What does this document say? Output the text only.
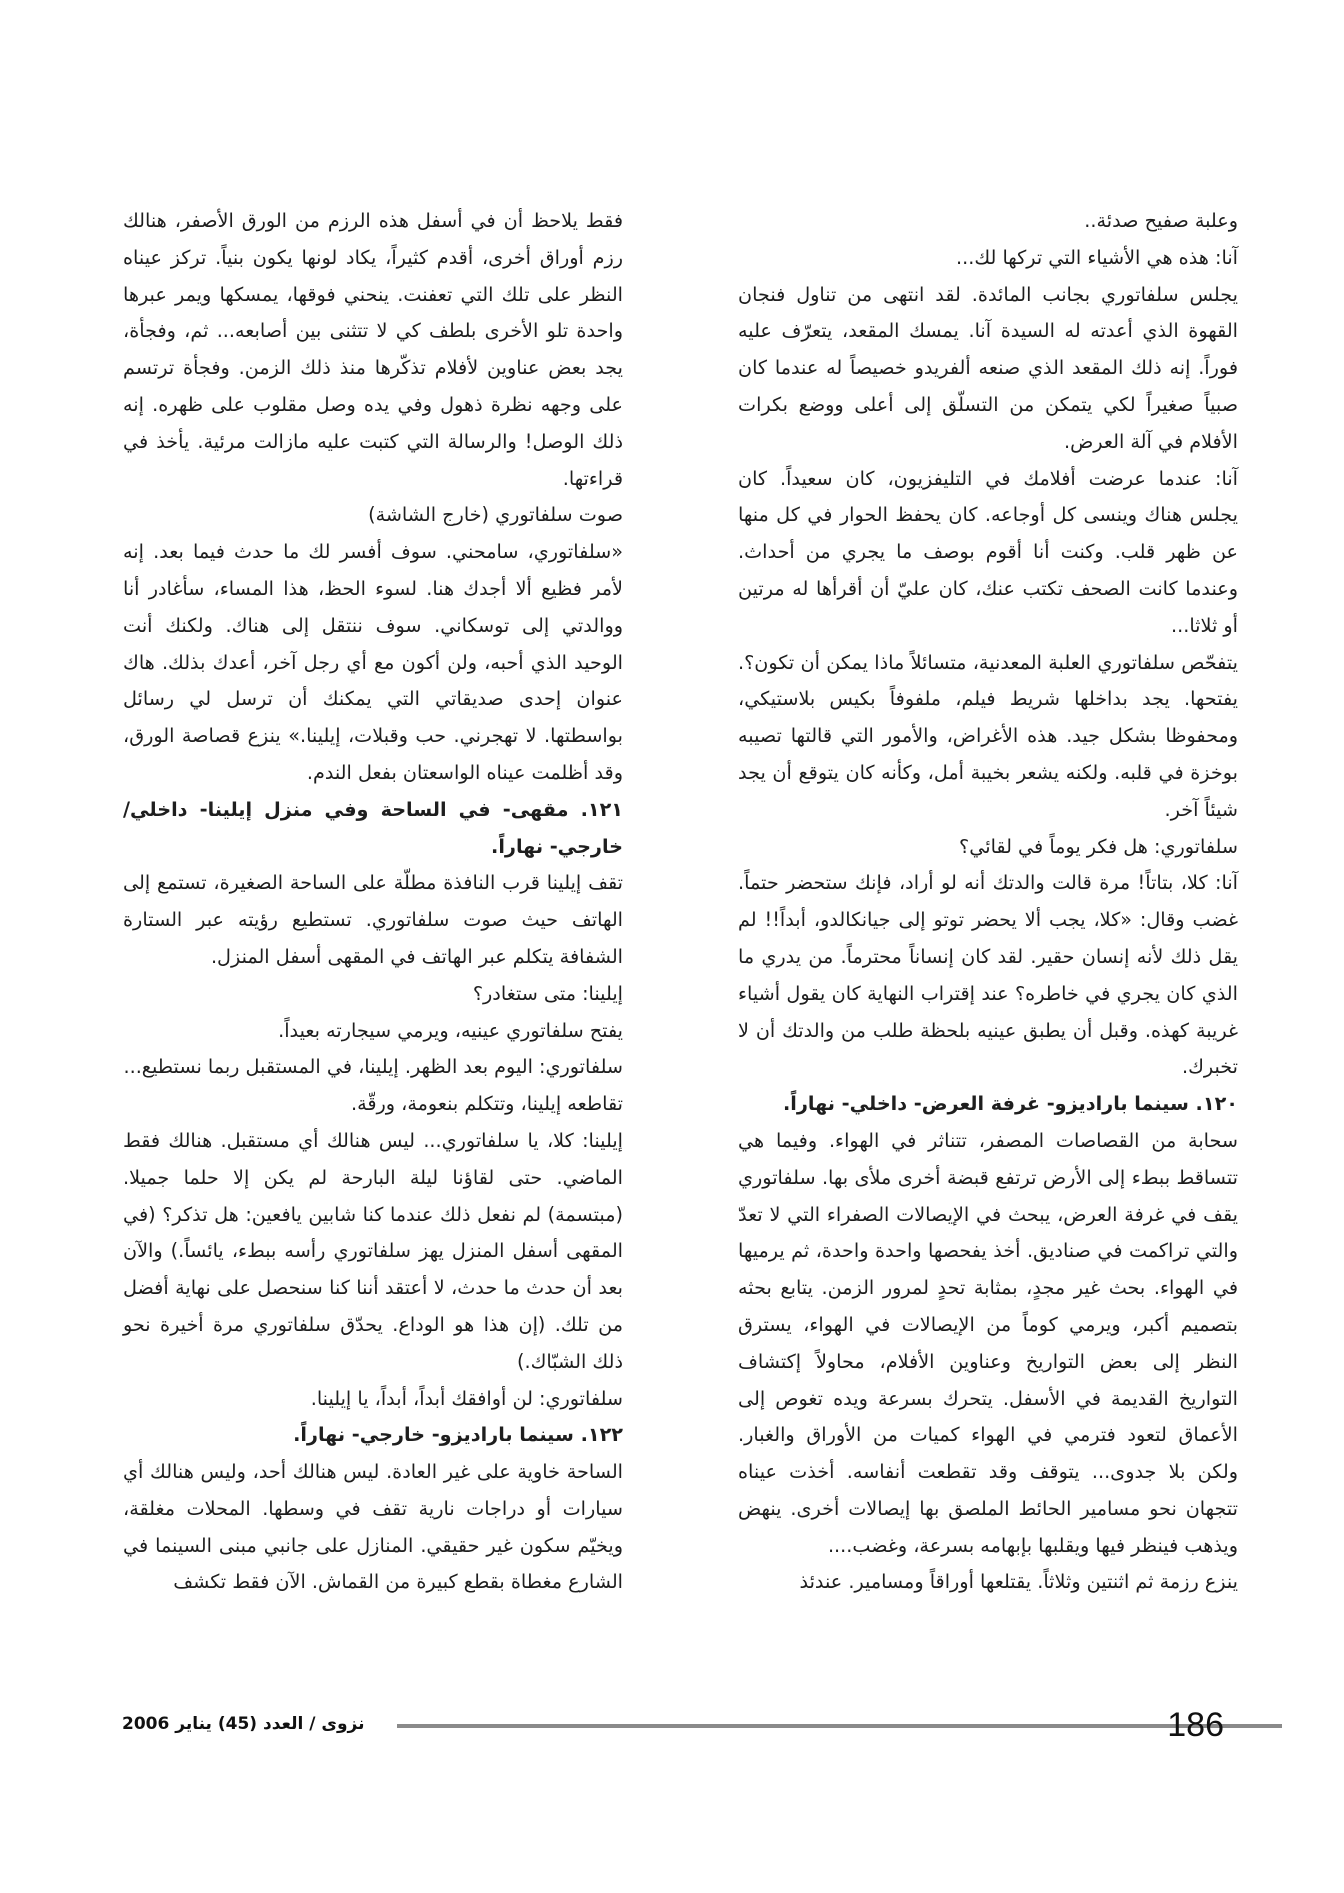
وعلبة صفيح صدئة..

آنا: هذه هي الأشياء التي تركها لك...

يجلس سلفاتوري بجانب المائدة. لقد انتهى من تناول فنجان القهوة الذي أعدته له السيدة آنا. يمسك المقعد، يتعرّف عليه فوراً. إنه ذلك المقعد الذي صنعه ألفريدو خصيصاً له عندما كان صبياً صغيراً لكي يتمكن من التسلّق إلى أعلى ووضع بكرات الأفلام في آلة العرض.

آنا: عندما عرضت أفلامك في التليفزيون، كان سعيداً. كان يجلس هناك وينسى كل أوجاعه. كان يحفظ الحوار في كل منها عن ظهر قلب. وكنت أنا أقوم بوصف ما يجري من أحداث. وعندما كانت الصحف تكتب عنك، كان عليّ أن أقرأها له مرتين أو ثلاثا...

يتفحّص سلفاتوري العلبة المعدنية، متسائلاً ماذا يمكن أن تكون؟. يفتحها. يجد بداخلها شريط فيلم، ملفوفاً بكيس بلاستيكي، ومحفوظا بشكل جيد. هذه الأغراض، والأمور التي قالتها تصيبه بوخزة في قلبه. ولكنه يشعر بخيبة أمل، وكأنه كان يتوقع أن يجد شيئاً آخر.

سلفاتوري: هل فكر يوماً في لقائي؟

آنا: كلا، بتاتاً! مرة قالت والدتك أنه لو أراد، فإنك ستحضر حتماً. غضب وقال: «كلا، يجب ألا يحضر توتو إلى جيانكالدو، أبداً!! لم يقل ذلك لأنه إنسان حقير. لقد كان إنساناً محترماً. من يدري ما الذي كان يجري في خاطره؟ عند إقتراب النهاية كان يقول أشياء غريبة كهذه. وقبل أن يطبق عينيه بلحظة طلب من والدتك أن لا تخبرك.

١٢٠. سينما باراديزو- غرفة العرض- داخلي- نهاراً.

سحابة من القصاصات المصفر، تتناثر في الهواء. وفيما هي تتساقط ببطء إلى الأرض ترتفع قبضة أخرى ملأى بها. سلفاتوري يقف في غرفة العرض، يبحث في الإيصالات الصفراء التي لا تعدّ والتي تراكمت في صناديق. أخذ يفحصها واحدة واحدة، ثم يرميها في الهواء. بحث غير مجدٍ، بمثابة تحدٍ لمرور الزمن. يتابع بحثه بتصميم أكبر، ويرمي كوماً من الإيصالات في الهواء، يسترق النظر إلى بعض التواريخ وعناوين الأفلام، محاولاً إكتشاف التواريخ القديمة في الأسفل. يتحرك بسرعة ويده تغوص إلى الأعماق لتعود فترمي في الهواء كميات من الأوراق والغبار. ولكن بلا جدوى... يتوقف وقد تقطعت أنفاسه. أخذت عيناه تتجهان نحو مسامير الحائط الملصق بها إيصالات أخرى. ينهض ويذهب فينظر فيها ويقلبها بإبهامه بسرعة، وغضب....

ينزع رزمة ثم اثنتين وثلاثاً. يقتلعها أوراقاً ومسامير. عندئذ

فقط يلاحظ أن في أسفل هذه الرزم من الورق الأصفر، هنالك رزم أوراق أخرى، أقدم كثيراً، يكاد لونها يكون بنياً. تركز عيناه النظر على تلك التي تعفنت. ينحني فوقها، يمسكها ويمر عبرها واحدة تلو الأخرى بلطف كي لا تتثنى بين أصابعه... ثم، وفجأة، يجد بعض عناوين لأفلام تذكّرها منذ ذلك الزمن. وفجأة ترتسم على وجهه نظرة ذهول وفي يده وصل مقلوب على ظهره. إنه ذلك الوصل! والرسالة التي كتبت عليه مازالت مرئية. يأخذ في قراءتها.

صوت سلفاتوري (خارج الشاشة)

«سلفاتوري، سامحني. سوف أفسر لك ما حدث فيما بعد. إنه لأمر فظيع ألا أجدك هنا. لسوء الحظ، هذا المساء، سأغادر أنا ووالدتي إلى توسكاني. سوف ننتقل إلى هناك. ولكنك أنت الوحيد الذي أحبه، ولن أكون مع أي رجل آخر، أعدك بذلك. هاك عنوان إحدى صديقاتي التي يمكنك أن ترسل لي رسائل بواسطتها. لا تهجرني. حب وقبلات، إيلينا.» ينزع قصاصة الورق، وقد أظلمت عيناه الواسعتان بفعل الندم.

١٢١. مقهى- في الساحة وفي منزل إيلينا- داخلي/ خارجي- نهاراً.

تقف إيلينا قرب النافذة مطلّة على الساحة الصغيرة، تستمع إلى الهاتف حيث صوت سلفاتوري. تستطيع رؤيته عبر الستارة الشفافة يتكلم عبر الهاتف في المقهى أسفل المنزل.

إيلينا: متى ستغادر؟

يفتح سلفاتوري عينيه، ويرمي سيجارته بعيداً.

سلفاتوري: اليوم بعد الظهر. إيلينا، في المستقبل ربما نستطيع...

تقاطعه إيلينا، وتتكلم بنعومة، ورقّة.

إيلينا: كلا، يا سلفاتوري... ليس هنالك أي مستقبل. هنالك فقط الماضي. حتى لقاؤنا ليلة البارحة لم يكن إلا حلما جميلا. (مبتسمة) لم نفعل ذلك عندما كنا شابين يافعين: هل تذكر؟ (في المقهى أسفل المنزل يهز سلفاتوري رأسه ببطء، يائساً.) والآن بعد أن حدث ما حدث، لا أعتقد أننا كنا سنحصل على نهاية أفضل من تلك. (إن هذا هو الوداع. يحدّق سلفاتوري مرة أخيرة نحو ذلك الشبّاك.)

سلفاتوري: لن أوافقك أبداً، أبداً، يا إيلينا.

١٢٢. سينما باراديزو- خارجي- نهاراً.

الساحة خاوية على غير العادة. ليس هنالك أحد، وليس هنالك أي سيارات أو دراجات نارية تقف في وسطها. المحلات مغلقة، ويخيّم سكون غير حقيقي. المنازل على جانبي مبنى السينما في الشارع مغطاة بقطع كبيرة من القماش. الآن فقط تكشف

نزوى / العدد (45) يناير 2006	186
